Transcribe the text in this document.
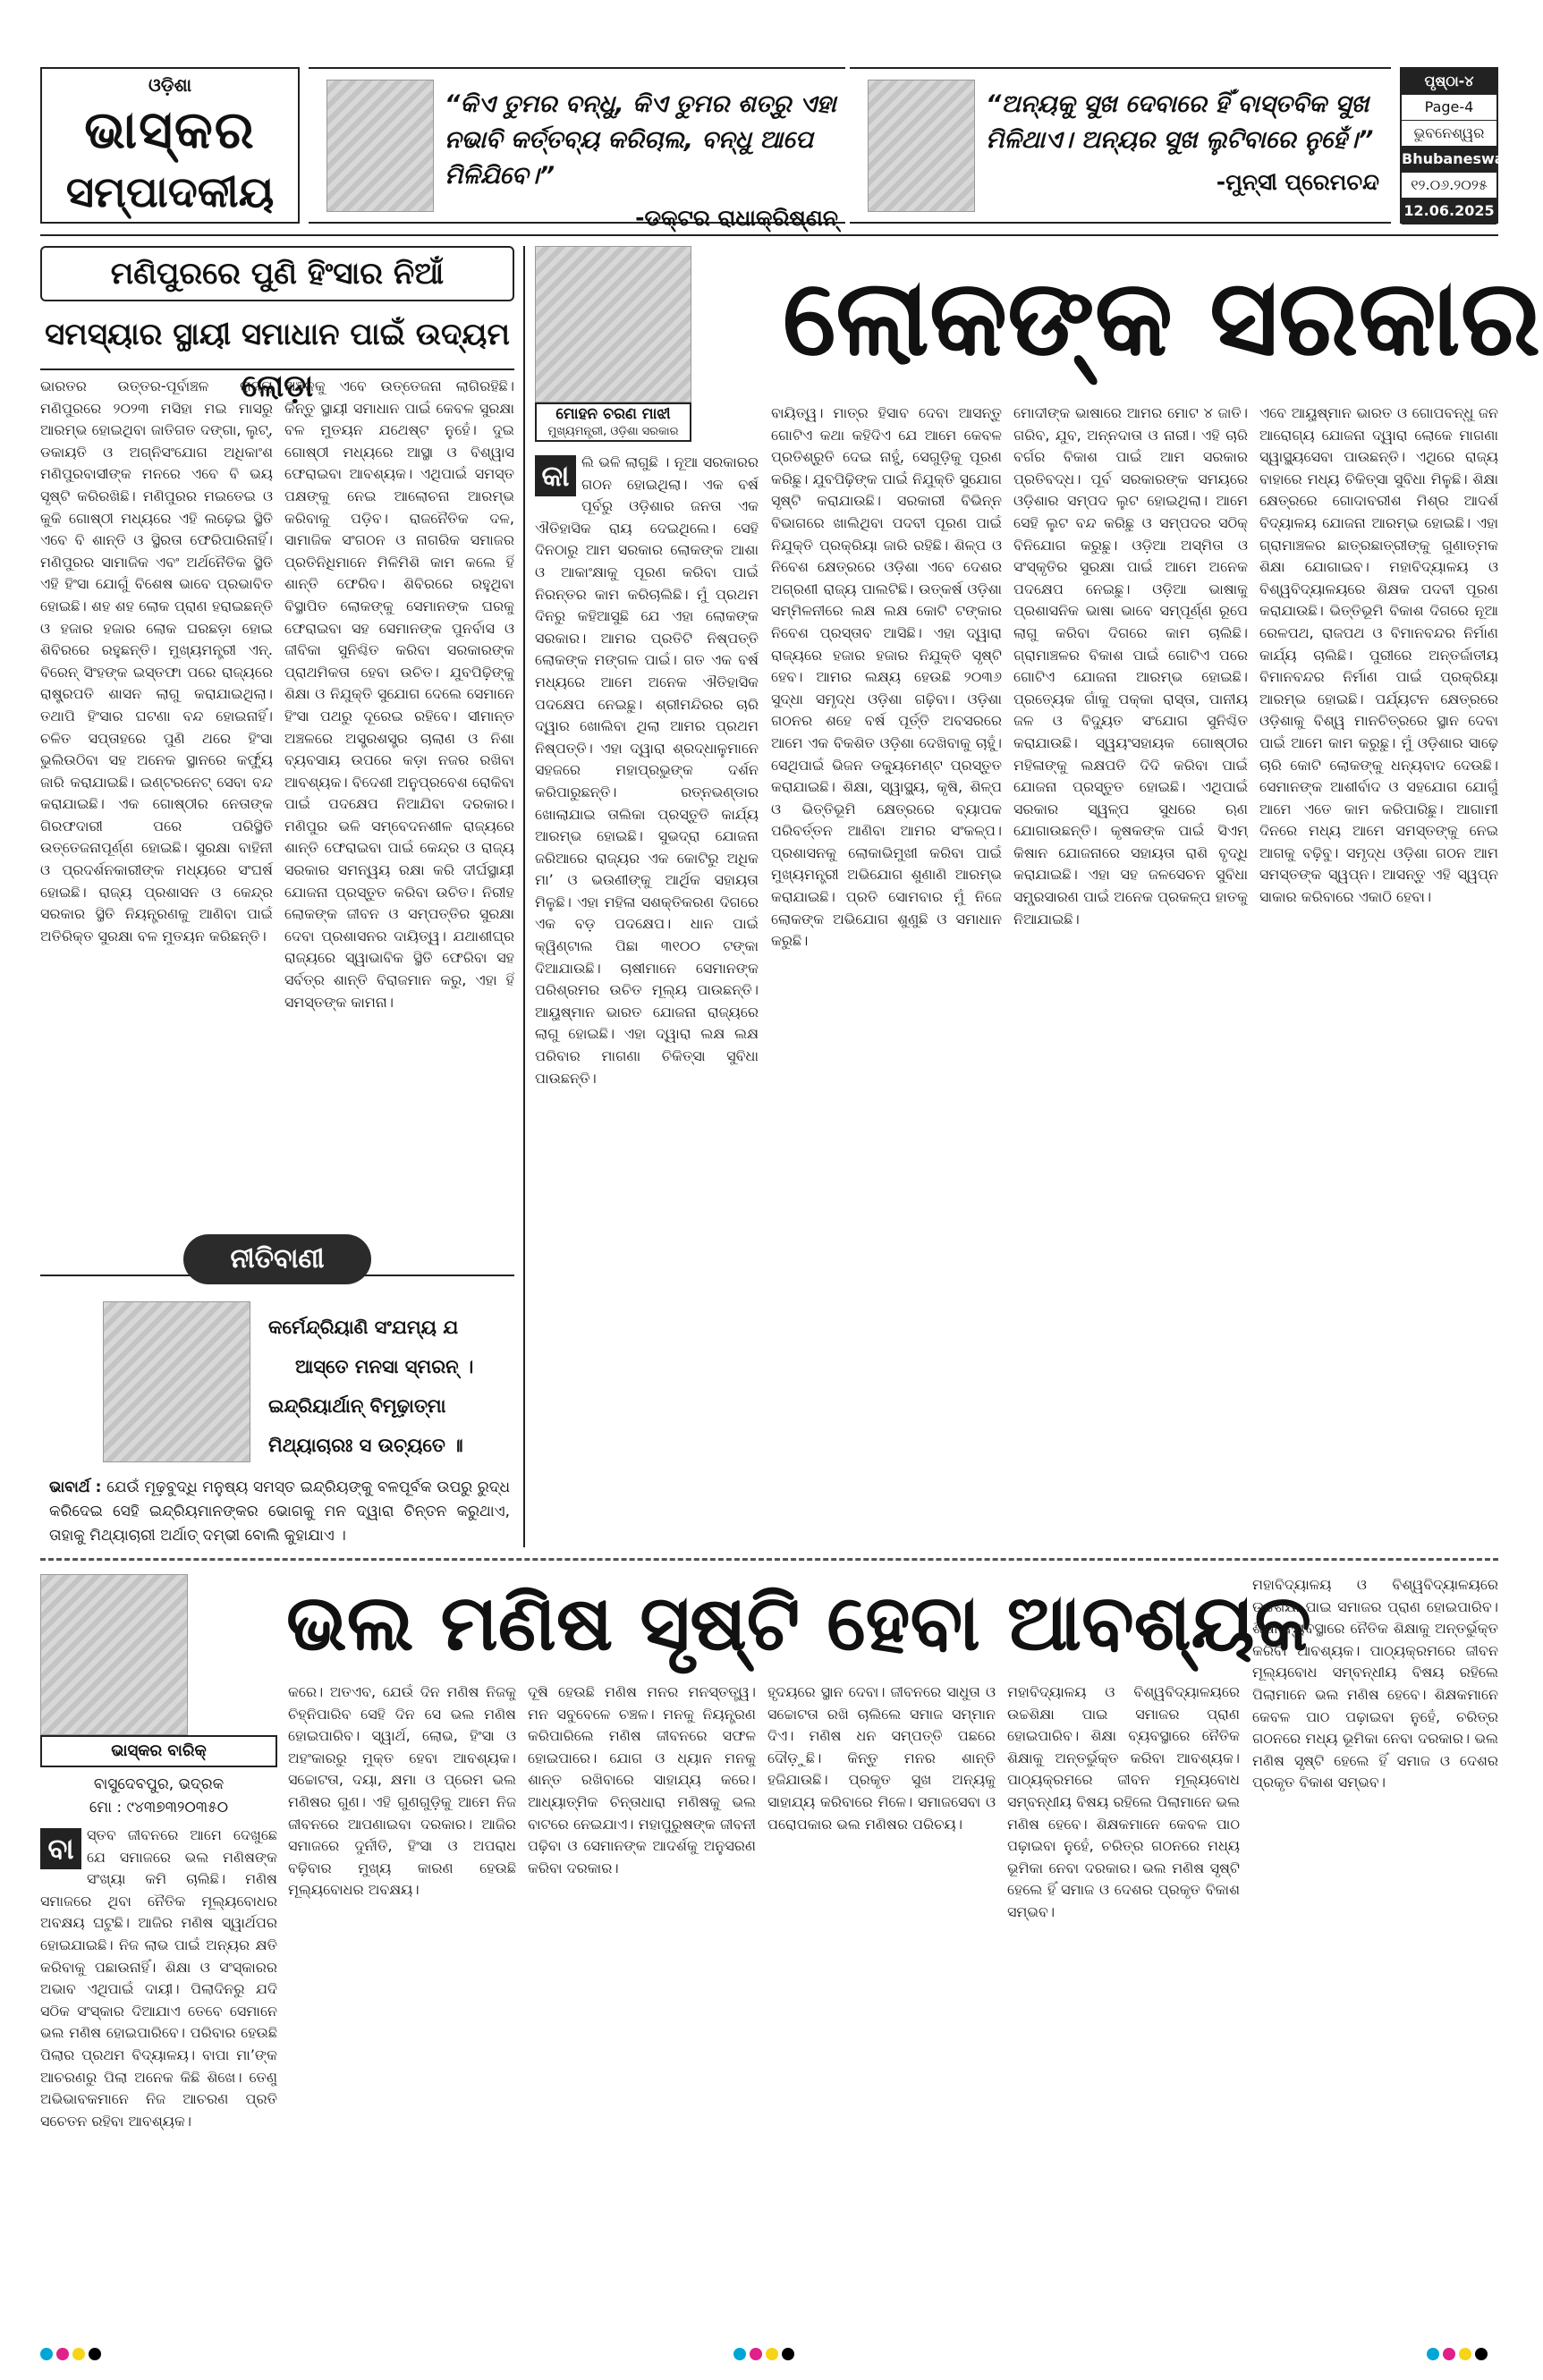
ଓଡ଼ିଶା
ଭାସ୍କର
ସମ୍ପାଦକୀୟ
“କିଏ ତୁମର ବନ୍ଧୁ, କିଏ ତୁମର ଶତ୍ରୁ ଏହା ନଭାବି କର୍ତ୍ତବ୍ୟ କରିଚାଲ, ବନ୍ଧୁ ଆପେ ମିଳିଯିବେ।”
-ଡକ୍ଟର ରାଧାକ୍ରିଷ୍ଣନ୍
“ଅନ୍ୟକୁ ସୁଖ ଦେବାରେ ହିଁ ବାସ୍ତବିକ ସୁଖ ମିଳିଥାଏ। ଅନ୍ୟର ସୁଖ ଲୁଟିବାରେ ନୁହେଁ।”
-ମୁନ୍ସୀ ପ୍ରେମଚନ୍ଦ
ପୃଷ୍ଠା-୪
Page-4
ଭୁବନେଶ୍ୱର
Bhubaneswar
୧୨.୦୬.୨୦୨୫
12.06.2025
ମଣିପୁରରେ ପୁଣି ହିଂସାର ନିଆଁ
ସମସ୍ୟାର ସ୍ଥାୟୀ ସମାଧାନ ପାଇଁ ଉଦ୍ୟମ ଲୋଡ଼ା
ଭାରତର ଉତ୍ତର-ପୂର୍ବାଞ୍ଚଳ ରାଜ୍ୟ ମଣିପୁରରେ ୨୦୨୩ ମସିହା ମଇ ମାସରୁ ଆରମ୍ଭ ହୋଇଥିବା ଜାତିଗତ ଦଙ୍ଗା, ଲୁଟ୍, ଡକାୟତି ଓ ଅଗ୍ନିସଂଯୋଗ ଅଧିକାଂଶ ମଣିପୁରବାସୀଙ୍କ ମନରେ ଏବେ ବି ଭୟ ସୃଷ୍ଟି କରିରଖିଛି। ମଣିପୁରର ମଇତେଇ ଓ କୁକି ଗୋଷ୍ଠୀ ମଧ୍ୟରେ ଏହି ଲଢ଼େଇ ସ୍ଥିତି ଏବେ ବି ଶାନ୍ତି ଓ ସ୍ଥିରତା ଫେରିପାରିନାହିଁ। ମଣିପୁରର ସାମାଜିକ ଏବଂ ଅର୍ଥନୈତିକ ସ୍ଥିତି ଏହି ହିଂସା ଯୋଗୁଁ ବିଶେଷ ଭାବେ ପ୍ରଭାବିତ ହୋଇଛି। ଶହ ଶହ ଲୋକ ପ୍ରାଣ ହରାଇଛନ୍ତି ଓ ହଜାର ହଜାର ଲୋକ ଘରଛଡ଼ା ହୋଇ ଶିବିରରେ ରହୁଛନ୍ତି। ମୁଖ୍ୟମନ୍ତ୍ରୀ ଏନ୍. ବିରେନ୍ ସିଂହଙ୍କ ଇସ୍ତଫା ପରେ ରାଜ୍ୟରେ ରାଷ୍ଟ୍ରପତି ଶାସନ ଲାଗୁ କରାଯାଇଥିଲା। ତଥାପି ହିଂସାର ଘଟଣା ବନ୍ଦ ହୋଇନାହିଁ। ଚଳିତ ସପ୍ତାହରେ ପୁଣି ଥରେ ହିଂସା ଭୁଲିଉଠିବା ସହ ଅନେକ ସ୍ଥାନରେ କର୍ଫ୍ୟୁ ଜାରି କରାଯାଇଛି। ଇଣ୍ଟରନେଟ୍ ସେବା ବନ୍ଦ କରାଯାଇଛି। ଏକ ଗୋଷ୍ଠୀର ନେତାଙ୍କ ଗିରଫଦାରୀ ପରେ ପରିସ୍ଥିତି ଉତ୍ତେଜନାପୂର୍ଣ୍ଣ ହୋଇଛି। ସୁରକ୍ଷା ବାହିନୀ ଓ ପ୍ରଦର୍ଶନକାରୀଙ୍କ ମଧ୍ୟରେ ସଂଘର୍ଷ ହୋଇଛି। ରାଜ୍ୟ ପ୍ରଶାସନ ଓ କେନ୍ଦ୍ର ସରକାର ସ୍ଥିତି ନିୟନ୍ତ୍ରଣକୁ ଆଣିବା ପାଇଁ ଅତିରିକ୍ତ ସୁରକ୍ଷା ବଳ ମୁତୟନ କରିଛନ୍ତି।
ଅଞ୍ଚଳକୁ ଏବେ ଉତ୍ତେଜନା ଲାଗିରହିଛି। କିନ୍ତୁ ସ୍ଥାୟୀ ସମାଧାନ ପାଇଁ କେବଳ ସୁରକ୍ଷା ବଳ ମୁତୟନ ଯଥେଷ୍ଟ ନୁହେଁ। ଦୁଇ ଗୋଷ୍ଠୀ ମଧ୍ୟରେ ଆସ୍ଥା ଓ ବିଶ୍ୱାସ ଫେରାଇବା ଆବଶ୍ୟକ। ଏଥିପାଇଁ ସମସ୍ତ ପକ୍ଷଙ୍କୁ ନେଇ ଆଲୋଚନା ଆରମ୍ଭ କରିବାକୁ ପଡ଼ିବ। ରାଜନୈତିକ ଦଳ, ସାମାଜିକ ସଂଗଠନ ଓ ନାଗରିକ ସମାଜର ପ୍ରତିନିଧିମାନେ ମିଳିମିଶି କାମ କଲେ ହିଁ ଶାନ୍ତି ଫେରିବ। ଶିବିରରେ ରହୁଥିବା ବିସ୍ଥାପିତ ଲୋକଙ୍କୁ ସେମାନଙ୍କ ଘରକୁ ଫେରାଇବା ସହ ସେମାନଙ୍କ ପୁନର୍ବାସ ଓ ଜୀବିକା ସୁନିଶ୍ଚିତ କରିବା ସରକାରଙ୍କ ପ୍ରାଥମିକତା ହେବା ଉଚିତ। ଯୁବପିଢ଼ିଙ୍କୁ ଶିକ୍ଷା ଓ ନିଯୁକ୍ତି ସୁଯୋଗ ଦେଲେ ସେମାନେ ହିଂସା ପଥରୁ ଦୂରେଇ ରହିବେ। ସୀମାନ୍ତ ଅଞ୍ଚଳରେ ଅସ୍ତ୍ରଶସ୍ତ୍ର ଚାଲାଣ ଓ ନିଶା ବ୍ୟବସାୟ ଉପରେ କଡ଼ା ନଜର ରଖିବା ଆବଶ୍ୟକ। ବିଦେଶୀ ଅନୁପ୍ରବେଶ ରୋକିବା ପାଇଁ ପଦକ୍ଷେପ ନିଆଯିବା ଦରକାର। ମଣିପୁର ଭଳି ସମ୍ବେଦନଶୀଳ ରାଜ୍ୟରେ ଶାନ୍ତି ଫେରାଇବା ପାଇଁ କେନ୍ଦ୍ର ଓ ରାଜ୍ୟ ସରକାର ସମନ୍ୱୟ ରକ୍ଷା କରି ଦୀର୍ଘସ୍ଥାୟୀ ଯୋଜନା ପ୍ରସ୍ତୁତ କରିବା ଉଚିତ। ନିରୀହ ଲୋକଙ୍କ ଜୀବନ ଓ ସମ୍ପତ୍ତିର ସୁରକ୍ଷା ଦେବା ପ୍ରଶାସନର ଦାୟିତ୍ୱ। ଯଥାଶୀଘ୍ର ରାଜ୍ୟରେ ସ୍ୱାଭାବିକ ସ୍ଥିତି ଫେରିବା ସହ ସର୍ବତ୍ର ଶାନ୍ତି ବିରାଜମାନ କରୁ, ଏହା ହିଁ ସମସ୍ତଙ୍କ କାମନା।
ନୀତିବାଣୀ
କର୍ମେନ୍ଦ୍ରିୟାଣି ସଂଯମ୍ୟ ଯ
ଆସ୍ତେ ମନସା ସ୍ମରନ୍ ।
ଇନ୍ଦ୍ରିୟାର୍ଥାନ୍ ବିମୂଢ଼ାତ୍ମା
ମିଥ୍ୟାଚାରଃ ସ ଉଚ୍ୟତେ ॥
ଭାବାର୍ଥ : ଯେଉଁ ମୂଢ଼ବୁଦ୍ଧି ମନୁଷ୍ୟ ସମସ୍ତ ଇନ୍ଦ୍ରିୟଙ୍କୁ ବଳପୂର୍ବକ ଉପରୁ ରୁଦ୍ଧ କରିଦେଇ ସେହି ଇନ୍ଦ୍ରିୟମାନଙ୍କର ଭୋଗକୁ ମନ ଦ୍ୱାରା ଚିନ୍ତନ କରୁଥାଏ, ତାହାକୁ ମିଥ୍ୟାଚାରୀ ଅର୍ଥାତ୍ ଦମ୍ଭୀ ବୋଲି କୁହାଯାଏ ।
ମୋହନ ଚରଣ ମାଝୀ
ମୁଖ୍ୟମନ୍ତ୍ରୀ, ଓଡ଼ିଶା ସରକାର
ଲୋକଙ୍କ ସରକାର
କା ଲି ଭଳି ଲାଗୁଛି । ନୂଆ ସରକାରର ଗଠନ ହୋଇଥିଲା। ଏକ ବର୍ଷ ପୂର୍ବରୁ ଓଡ଼ିଶାର ଜନତା ଏକ ଐତିହାସିକ ରାୟ ଦେଇଥିଲେ। ସେହି ଦିନଠାରୁ ଆମ ସରକାର ଲୋକଙ୍କ ଆଶା ଓ ଆକାଂକ୍ଷାକୁ ପୂରଣ କରିବା ପାଇଁ ନିରନ୍ତର କାମ କରିଚାଲିଛି। ମୁଁ ପ୍ରଥମ ଦିନରୁ କହିଆସୁଛି ଯେ ଏହା ଲୋକଙ୍କ ସରକାର। ଆମର ପ୍ରତିଟି ନିଷ୍ପତ୍ତି ଲୋକଙ୍କ ମଙ୍ଗଳ ପାଇଁ। ଗତ ଏକ ବର୍ଷ ମଧ୍ୟରେ ଆମେ ଅନେକ ଐତିହାସିକ ପଦକ୍ଷେପ ନେଇଛୁ। ଶ୍ରୀମନ୍ଦିରର ଚାରି ଦ୍ୱାର ଖୋଲିବା ଥିଲା ଆମର ପ୍ରଥମ ନିଷ୍ପତ୍ତି। ଏହା ଦ୍ୱାରା ଶ୍ରଦ୍ଧାଳୁମାନେ ସହଜରେ ମହାପ୍ରଭୁଙ୍କ ଦର୍ଶନ କରିପାରୁଛନ୍ତି। ରତ୍ନଭଣ୍ଡାର ଖୋଲାଯାଇ ତାଲିକା ପ୍ରସ୍ତୁତି କାର୍ଯ୍ୟ ଆରମ୍ଭ ହୋଇଛି। ସୁଭଦ୍ରା ଯୋଜନା ଜରିଆରେ ରାଜ୍ୟର ଏକ କୋଟିରୁ ଅଧିକ ମା’ ଓ ଭଉଣୀଙ୍କୁ ଆର୍ଥିକ ସହାୟତା ମିଳୁଛି। ଏହା ମହିଳା ସଶକ୍ତିକରଣ ଦିଗରେ ଏକ ବଡ଼ ପଦକ୍ଷେପ। ଧାନ ପାଇଁ କ୍ୱିଣ୍ଟାଲ ପିଛା ୩୧୦୦ ଟଙ୍କା ଦିଆଯାଉଛି। ଚାଷୀମାନେ ସେମାନଙ୍କ ପରିଶ୍ରମର ଉଚିତ ମୂଲ୍ୟ ପାଉଛନ୍ତି। ଆୟୁଷ୍ମାନ ଭାରତ ଯୋଜନା ରାଜ୍ୟରେ ଲାଗୁ ହୋଇଛି। ଏହା ଦ୍ୱାରା ଲକ୍ଷ ଲକ୍ଷ ପରିବାର ମାଗଣା ଚିକିତ୍ସା ସୁବିଧା ପାଉଛନ୍ତି।
ବାୟିତ୍ୱ। ମାତ୍ର ହିସାବ ଦେବା ଆସନ୍ତୁ ଗୋଟିଏ କଥା କହିଦିଏ ଯେ ଆମେ କେବଳ ପ୍ରତିଶ୍ରୁତି ଦେଇ ନାହୁଁ, ସେଗୁଡ଼ିକୁ ପୂରଣ କରିଛୁ। ଯୁବପିଢ଼ିଙ୍କ ପାଇଁ ନିଯୁକ୍ତି ସୁଯୋଗ ସୃଷ୍ଟି କରାଯାଉଛି। ସରକାରୀ ବିଭିନ୍ନ ବିଭାଗରେ ଖାଲିଥିବା ପଦବୀ ପୂରଣ ପାଇଁ ନିଯୁକ୍ତି ପ୍ରକ୍ରିୟା ଜାରି ରହିଛି। ଶିଳ୍ପ ଓ ନିବେଶ କ୍ଷେତ୍ରରେ ଓଡ଼ିଶା ଏବେ ଦେଶର ଅଗ୍ରଣୀ ରାଜ୍ୟ ପାଲଟିଛି। ଉତ୍କର୍ଷ ଓଡ଼ିଶା ସମ୍ମିଳନୀରେ ଲକ୍ଷ ଲକ୍ଷ କୋଟି ଟଙ୍କାର ନିବେଶ ପ୍ରସ୍ତାବ ଆସିଛି। ଏହା ଦ୍ୱାରା ରାଜ୍ୟରେ ହଜାର ହଜାର ନିଯୁକ୍ତି ସୃଷ୍ଟି ହେବ। ଆମର ଲକ୍ଷ୍ୟ ହେଉଛି ୨୦୩୬ ସୁଦ୍ଧା ସମୃଦ୍ଧ ଓଡ଼ିଶା ଗଢ଼ିବା। ଓଡ଼ିଶା ଗଠନର ଶହେ ବର୍ଷ ପୂର୍ତ୍ତି ଅବସରରେ ଆମେ ଏକ ବିକଶିତ ଓଡ଼ିଶା ଦେଖିବାକୁ ଚାହୁଁ। ସେଥିପାଇଁ ଭିଜନ ଡକ୍ୟୁମେଣ୍ଟ ପ୍ରସ୍ତୁତ କରାଯାଇଛି। ଶିକ୍ଷା, ସ୍ୱାସ୍ଥ୍ୟ, କୃଷି, ଶିଳ୍ପ ଓ ଭିତ୍ତିଭୂମି କ୍ଷେତ୍ରରେ ବ୍ୟାପକ ପରିବର୍ତ୍ତନ ଆଣିବା ଆମର ସଂକଳ୍ପ। ପ୍ରଶାସନକୁ ଲୋକାଭିମୁଖୀ କରିବା ପାଇଁ ମୁଖ୍ୟମନ୍ତ୍ରୀ ଅଭିଯୋଗ ଶୁଣାଣି ଆରମ୍ଭ କରାଯାଇଛି। ପ୍ରତି ସୋମବାର ମୁଁ ନିଜେ ଲୋକଙ୍କ ଅଭିଯୋଗ ଶୁଣୁଛି ଓ ସମାଧାନ କରୁଛି।
ମୋଦୀଙ୍କ ଭାଷାରେ ଆମର ମୋଟ ୪ ଜାତି। ଗରିବ, ଯୁବ, ଅନ୍ନଦାତା ଓ ନାରୀ। ଏହି ଚାରି ବର୍ଗର ବିକାଶ ପାଇଁ ଆମ ସରକାର ପ୍ରତିବଦ୍ଧ। ପୂର୍ବ ସରକାରଙ୍କ ସମୟରେ ଓଡ଼ିଶାର ସମ୍ପଦ ଲୁଟ ହୋଇଥିଲା। ଆମେ ସେହି ଲୁଟ ବନ୍ଦ କରିଛୁ ଓ ସମ୍ପଦର ସଠିକ୍ ବିନିଯୋଗ କରୁଛୁ। ଓଡ଼ିଆ ଅସ୍ମିତା ଓ ସଂସ୍କୃତିର ସୁରକ୍ଷା ପାଇଁ ଆମେ ଅନେକ ପଦକ୍ଷେପ ନେଇଛୁ। ଓଡ଼ିଆ ଭାଷାକୁ ପ୍ରଶାସନିକ ଭାଷା ଭାବେ ସମ୍ପୂର୍ଣ୍ଣ ରୂପେ ଲାଗୁ କରିବା ଦିଗରେ କାମ ଚାଲିଛି। ଗ୍ରାମାଞ୍ଚଳର ବିକାଶ ପାଇଁ ଗୋଟିଏ ପରେ ଗୋଟିଏ ଯୋଜନା ଆରମ୍ଭ ହୋଇଛି। ପ୍ରତ୍ୟେକ ଗାଁକୁ ପକ୍କା ରାସ୍ତା, ପାନୀୟ ଜଳ ଓ ବିଦ୍ୟୁତ ସଂଯୋଗ ସୁନିଶ୍ଚିତ କରାଯାଉଛି। ସ୍ୱୟଂସହାୟକ ଗୋଷ୍ଠୀର ମହିଳାଙ୍କୁ ଲକ୍ଷପତି ଦିଦି କରିବା ପାଇଁ ଯୋଜନା ପ୍ରସ୍ତୁତ ହୋଇଛି। ଏଥିପାଇଁ ସରକାର ସ୍ୱଳ୍ପ ସୁଧରେ ଋଣ ଯୋଗାଉଛନ୍ତି। କୃଷକଙ୍କ ପାଇଁ ସିଏମ୍ କିଷାନ ଯୋଜନାରେ ସହାୟତା ରାଶି ବୃଦ୍ଧି କରାଯାଇଛି। ଏହା ସହ ଜଳସେଚନ ସୁବିଧା ସମ୍ପ୍ରସାରଣ ପାଇଁ ଅନେକ ପ୍ରକଳ୍ପ ହାତକୁ ନିଆଯାଇଛି।
ଏବେ ଆୟୁଷ୍ମାନ ଭାରତ ଓ ଗୋପବନ୍ଧୁ ଜନ ଆରୋଗ୍ୟ ଯୋଜନା ଦ୍ୱାରା ଲୋକେ ମାଗଣା ସ୍ୱାସ୍ଥ୍ୟସେବା ପାଉଛନ୍ତି। ଏଥିରେ ରାଜ୍ୟ ବାହାରେ ମଧ୍ୟ ଚିକିତ୍ସା ସୁବିଧା ମିଳୁଛି। ଶିକ୍ଷା କ୍ଷେତ୍ରରେ ଗୋଦାବରୀଶ ମିଶ୍ର ଆଦର୍ଶ ବିଦ୍ୟାଳୟ ଯୋଜନା ଆରମ୍ଭ ହୋଇଛି। ଏହା ଗ୍ରାମାଞ୍ଚଳର ଛାତ୍ରଛାତ୍ରୀଙ୍କୁ ଗୁଣାତ୍ମକ ଶିକ୍ଷା ଯୋଗାଇବ। ମହାବିଦ୍ୟାଳୟ ଓ ବିଶ୍ୱବିଦ୍ୟାଳୟରେ ଶିକ୍ଷକ ପଦବୀ ପୂରଣ କରାଯାଉଛି। ଭିତ୍ତିଭୂମି ବିକାଶ ଦିଗରେ ନୂଆ ରେଳପଥ, ରାଜପଥ ଓ ବିମାନବନ୍ଦର ନିର୍ମାଣ କାର୍ଯ୍ୟ ଚାଲିଛି। ପୁରୀରେ ଅନ୍ତର୍ଜାତୀୟ ବିମାନବନ୍ଦର ନିର୍ମାଣ ପାଇଁ ପ୍ରକ୍ରିୟା ଆରମ୍ଭ ହୋଇଛି। ପର୍ଯ୍ୟଟନ କ୍ଷେତ୍ରରେ ଓଡ଼ିଶାକୁ ବିଶ୍ୱ ମାନଚିତ୍ରରେ ସ୍ଥାନ ଦେବା ପାଇଁ ଆମେ କାମ କରୁଛୁ। ମୁଁ ଓଡ଼ିଶାର ସାଢ଼େ ଚାରି କୋଟି ଲୋକଙ୍କୁ ଧନ୍ୟବାଦ ଦେଉଛି। ସେମାନଙ୍କ ଆଶୀର୍ବାଦ ଓ ସହଯୋଗ ଯୋଗୁଁ ଆମେ ଏତେ କାମ କରିପାରିଛୁ। ଆଗାମୀ ଦିନରେ ମଧ୍ୟ ଆମେ ସମସ୍ତଙ୍କୁ ନେଇ ଆଗକୁ ବଢ଼ିବୁ। ସମୃଦ୍ଧ ଓଡ଼ିଶା ଗଠନ ଆମ ସମସ୍ତଙ୍କ ସ୍ୱପ୍ନ। ଆସନ୍ତୁ ଏହି ସ୍ୱପ୍ନ ସାକାର କରିବାରେ ଏକାଠି ହେବା।
ଭାସ୍କର ବାରିକ୍
ବାସୁଦେବପୁର, ଭଦ୍ରକ
ମୋ : ୯୪୩୭୩୨୦୩୫୦
ଭଲ ମଣିଷ ସୃଷ୍ଟି ହେବା ଆବଶ୍ୟକ
ବା ସ୍ତବ ଜୀବନରେ ଆମେ ଦେଖୁଛେ ଯେ ସମାଜରେ ଭଲ ମଣିଷଙ୍କ ସଂଖ୍ୟା କମି ଚାଲିଛି। ମଣିଷ ସମାଜରେ ଥିବା ନୈତିକ ମୂଲ୍ୟବୋଧର ଅବକ୍ଷୟ ଘଟୁଛି। ଆଜିର ମଣିଷ ସ୍ୱାର୍ଥପର ହୋଇଯାଇଛି। ନିଜ ଲାଭ ପାଇଁ ଅନ୍ୟର କ୍ଷତି କରିବାକୁ ପଛାଉନାହିଁ। ଶିକ୍ଷା ଓ ସଂସ୍କାରର ଅଭାବ ଏଥିପାଇଁ ଦାୟୀ। ପିଲାଦିନରୁ ଯଦି ସଠିକ ସଂସ୍କାର ଦିଆଯାଏ ତେବେ ସେମାନେ ଭଲ ମଣିଷ ହୋଇପାରିବେ। ପରିବାର ହେଉଛି ପିଲାର ପ୍ରଥମ ବିଦ୍ୟାଳୟ। ବାପା ମା’ଙ୍କ ଆଚରଣରୁ ପିଲା ଅନେକ କିଛି ଶିଖେ। ତେଣୁ ଅଭିଭାବକମାନେ ନିଜ ଆଚରଣ ପ୍ରତି ସଚେତନ ରହିବା ଆବଶ୍ୟକ।
କରେ। ଅତଏବ, ଯେଉଁ ଦିନ ମଣିଷ ନିଜକୁ ଚିହ୍ନିପାରିବ ସେହି ଦିନ ସେ ଭଲ ମଣିଷ ହୋଇପାରିବ। ସ୍ୱାର୍ଥ, ଲୋଭ, ହିଂସା ଓ ଅହଂକାରରୁ ମୁକ୍ତ ହେବା ଆବଶ୍ୟକ। ସଚ୍ଚୋଟତା, ଦୟା, କ୍ଷମା ଓ ପ୍ରେମ ଭଲ ମଣିଷର ଗୁଣ। ଏହି ଗୁଣଗୁଡ଼ିକୁ ଆମେ ନିଜ ଜୀବନରେ ଆପଣାଇବା ଦରକାର। ଆଜିର ସମାଜରେ ଦୁର୍ନୀତି, ହିଂସା ଓ ଅପରାଧ ବଢ଼ିବାର ମୁଖ୍ୟ କାରଣ ହେଉଛି ମୂଲ୍ୟବୋଧର ଅବକ୍ଷୟ।
ଦୂଷି ହେଉଛି ମଣିଷ ମନର ମନସ୍ତତ୍ତ୍ୱ। ମନ ସବୁବେଳେ ଚଞ୍ଚଳ। ମନକୁ ନିୟନ୍ତ୍ରଣ କରିପାରିଲେ ମଣିଷ ଜୀବନରେ ସଫଳ ହୋଇପାରେ। ଯୋଗ ଓ ଧ୍ୟାନ ମନକୁ ଶାନ୍ତ ରଖିବାରେ ସାହାଯ୍ୟ କରେ। ଆଧ୍ୟାତ୍ମିକ ଚିନ୍ତାଧାରା ମଣିଷକୁ ଭଲ ବାଟରେ ନେଇଯାଏ। ମହାପୁରୁଷଙ୍କ ଜୀବନୀ ପଢ଼ିବା ଓ ସେମାନଙ୍କ ଆଦର୍ଶକୁ ଅନୁସରଣ କରିବା ଦରକାର।
ହୃଦୟରେ ସ୍ଥାନ ଦେବା। ଜୀବନରେ ସାଧୁତା ଓ ସଚ୍ଚୋଟତା ରଖି ଚାଲିଲେ ସମାଜ ସମ୍ମାନ ଦିଏ। ମଣିଷ ଧନ ସମ୍ପତ୍ତି ପଛରେ ଦୌଡ଼ୁଛି। କିନ୍ତୁ ମନର ଶାନ୍ତି ହଜିଯାଉଛି। ପ୍ରକୃତ ସୁଖ ଅନ୍ୟକୁ ସାହାଯ୍ୟ କରିବାରେ ମିଳେ। ସମାଜସେବା ଓ ପରୋପକାର ଭଲ ମଣିଷର ପରିଚୟ।
ମହାବିଦ୍ୟାଳୟ ଓ ବିଶ୍ୱବିଦ୍ୟାଳୟରେ ଉଚ୍ଚଶିକ୍ଷା ପାଇ ସମାଜର ପ୍ରାଣ ହୋଇପାରିବ। ଶିକ୍ଷା ବ୍ୟବସ୍ଥାରେ ନୈତିକ ଶିକ୍ଷାକୁ ଅନ୍ତର୍ଭୁକ୍ତ କରିବା ଆବଶ୍ୟକ। ପାଠ୍ୟକ୍ରମରେ ଜୀବନ ମୂଲ୍ୟବୋଧ ସମ୍ବନ୍ଧୀୟ ବିଷୟ ରହିଲେ ପିଲାମାନେ ଭଲ ମଣିଷ ହେବେ। ଶିକ୍ଷକମାନେ କେବଳ ପାଠ ପଢ଼ାଇବା ନୁହେଁ, ଚରିତ୍ର ଗଠନରେ ମଧ୍ୟ ଭୂମିକା ନେବା ଦରକାର। ଭଲ ମଣିଷ ସୃଷ୍ଟି ହେଲେ ହିଁ ସମାଜ ଓ ଦେଶର ପ୍ରକୃତ ବିକାଶ ସମ୍ଭବ।
ମହାବିଦ୍ୟାଳୟ ଓ ବିଶ୍ୱବିଦ୍ୟାଳୟରେ ଉଚ୍ଚଶିକ୍ଷା ପାଇ ସମାଜର ପ୍ରାଣ ହୋଇପାରିବ। ଶିକ୍ଷା ବ୍ୟବସ୍ଥାରେ ନୈତିକ ଶିକ୍ଷାକୁ ଅନ୍ତର୍ଭୁକ୍ତ କରିବା ଆବଶ୍ୟକ। ପାଠ୍ୟକ୍ରମରେ ଜୀବନ ମୂଲ୍ୟବୋଧ ସମ୍ବନ୍ଧୀୟ ବିଷୟ ରହିଲେ ପିଲାମାନେ ଭଲ ମଣିଷ ହେବେ। ଶିକ୍ଷକମାନେ କେବଳ ପାଠ ପଢ଼ାଇବା ନୁହେଁ, ଚରିତ୍ର ଗଠନରେ ମଧ୍ୟ ଭୂମିକା ନେବା ଦରକାର। ଭଲ ମଣିଷ ସୃଷ୍ଟି ହେଲେ ହିଁ ସମାଜ ଓ ଦେଶର ପ୍ରକୃତ ବିକାଶ ସମ୍ଭବ।
